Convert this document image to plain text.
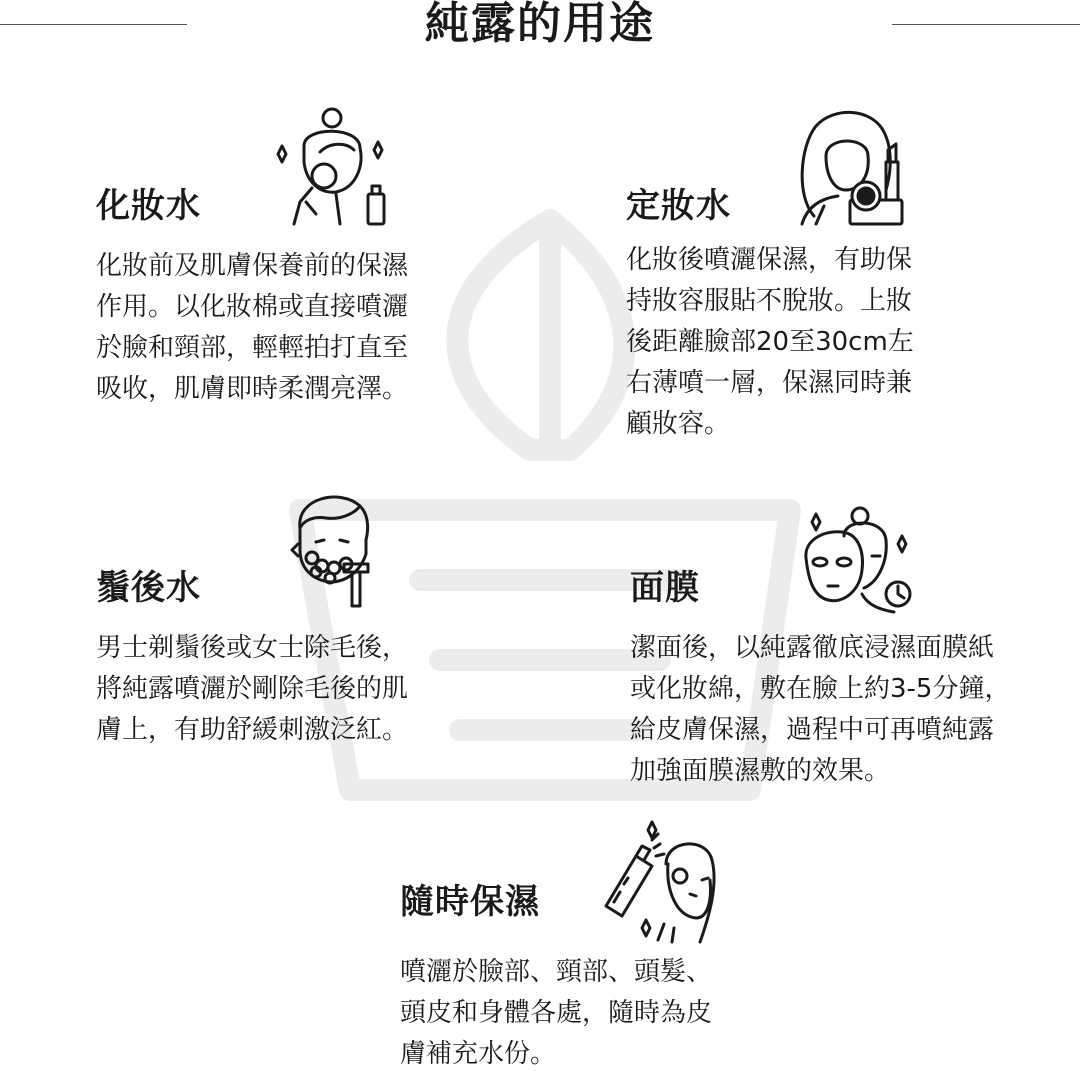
純露的用途
化妝水
化妝前及肌膚保養前的保濕
作用。以化妝棉或直接噴灑
於臉和頸部，輕輕拍打直至
吸收，肌膚即時柔潤亮澤。
定妝水
化妝後噴灑保濕，有助保
持妝容服貼不脫妝。上妝
後距離臉部20至30cm左
右薄噴一層，保濕同時兼
顧妝容。
鬚後水
男士剃鬚後或女士除毛後，
將純露噴灑於剛除毛後的肌
膚上，有助舒緩刺激泛紅。
面膜
潔面後，以純露徹底浸濕面膜紙
或化妝綿，敷在臉上約3-5分鐘，
給皮膚保濕，過程中可再噴純露
加強面膜濕敷的效果。
隨時保濕
噴灑於臉部、頸部、頭髮、
頭皮和身體各處，隨時為皮
膚補充水份。
